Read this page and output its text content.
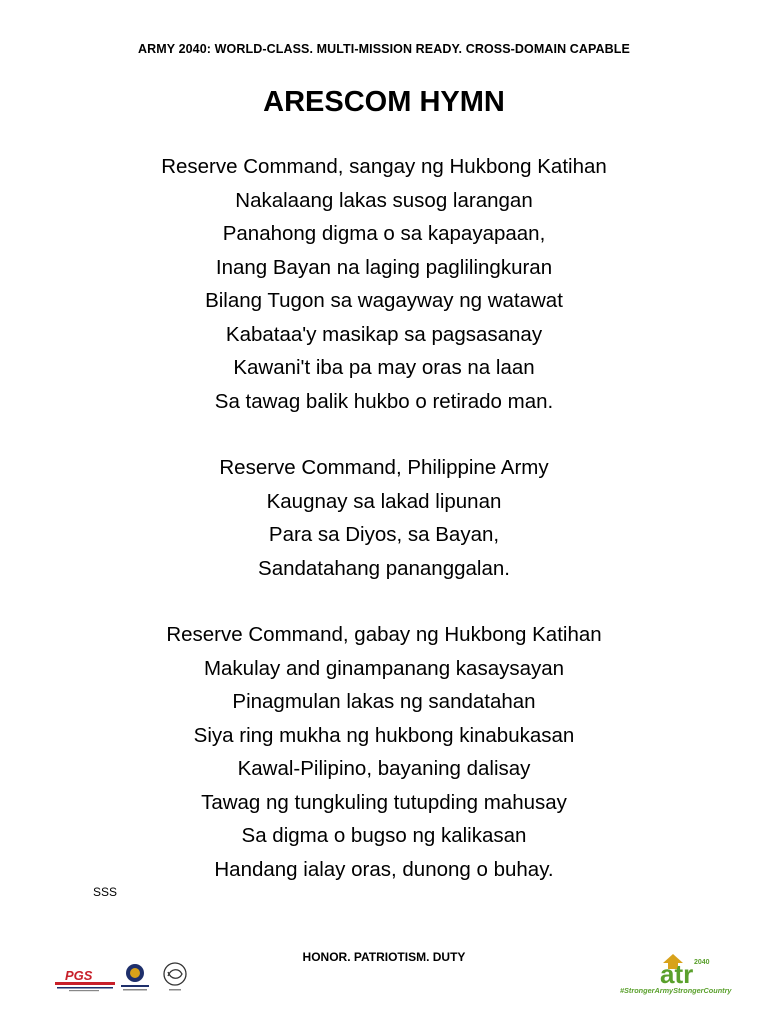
ARMY 2040: WORLD-CLASS. MULTI-MISSION READY. CROSS-DOMAIN CAPABLE
ARESCOM HYMN
Reserve Command, sangay ng Hukbong Katihan
Nakalaang lakas susog larangan
Panahong digma o sa kapayapaan,
Inang Bayan na laging paglilingkuran
Bilang Tugon sa wagayway ng watawat
Kabataa'y masikap sa pagsasanay
Kawani't iba pa may oras na laan
Sa tawag balik hukbo o retirado man.
Reserve Command, Philippine Army
Kaugnay sa lakad lipunan
Para sa Diyos, sa Bayan,
Sandatahang pananggalan.
Reserve Command, gabay ng Hukbong Katihan
Makulay and ginampanang kasaysayan
Pinagmulan lakas ng sandatahan
Siya ring mukha ng hukbong kinabukasan
Kawal-Pilipino, bayaning dalisay
Tawag ng tungkuling tutupding mahusay
Sa digma o bugso ng kalikasan
Handang ialay oras, dunong o buhay.
SSS
HONOR. PATRIOTISM. DUTY
PGS	atr 2040
#StrongerArmyStrongerCountry
